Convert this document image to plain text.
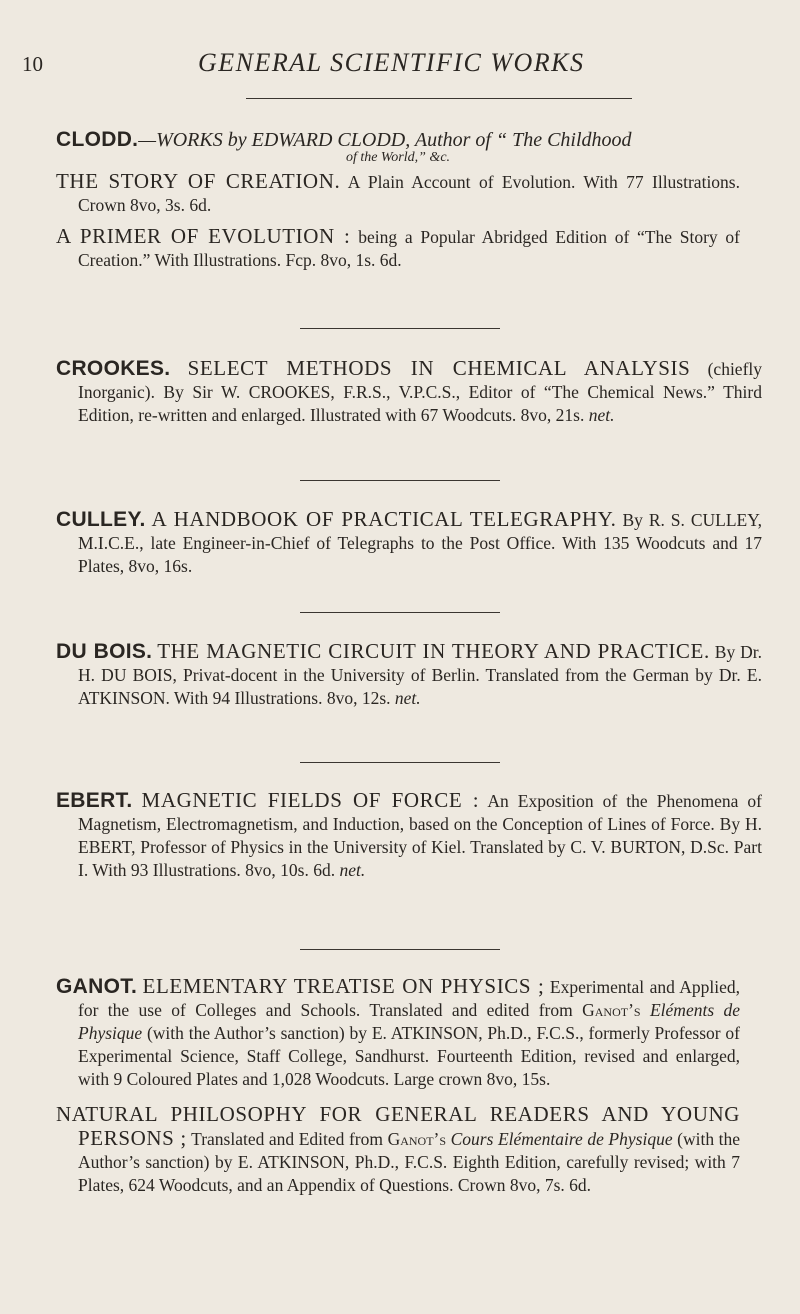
10	GENERAL SCIENTIFIC WORKS
CLODD.—WORKS by EDWARD CLODD, Author of “ The Childhood
of the World,” &c.
THE STORY OF CREATION. A Plain Account of Evolution. With 77 Illustrations. Crown 8vo, 3s. 6d.
A PRIMER OF EVOLUTION : being a Popular Abridged Edition of “The Story of Creation.” With Illustrations. Fcp. 8vo, 1s. 6d.
CROOKES. SELECT METHODS IN CHEMICAL ANALYSIS (chiefly Inorganic). By Sir W. CROOKES, F.R.S., V.P.C.S., Editor of “The Chemical News.” Third Edition, re-written and enlarged. Illustrated with 67 Woodcuts. 8vo, 21s. net.
CULLEY. A HANDBOOK OF PRACTICAL TELEGRAPHY. By R. S. CULLEY, M.I.C.E., late Engineer-in-Chief of Telegraphs to the Post Office. With 135 Woodcuts and 17 Plates, 8vo, 16s.
DU BOIS. THE MAGNETIC CIRCUIT IN THEORY AND PRACTICE. By Dr. H. DU BOIS, Privat-docent in the University of Berlin. Translated from the German by Dr. E. ATKINSON. With 94 Illustrations. 8vo, 12s. net.
EBERT. MAGNETIC FIELDS OF FORCE : An Exposition of the Phenomena of Magnetism, Electromagnetism, and Induction, based on the Conception of Lines of Force. By H. EBERT, Professor of Physics in the University of Kiel. Translated by C. V. BURTON, D.Sc. Part I. With 93 Illustrations. 8vo, 10s. 6d. net.
GANOT. ELEMENTARY TREATISE ON PHYSICS ; Experimental and Applied, for the use of Colleges and Schools. Translated and edited from Ganot’s Eléments de Physique (with the Author’s sanction) by E. ATKINSON, Ph.D., F.C.S., formerly Professor of Experimental Science, Staff College, Sandhurst. Fourteenth Edition, revised and enlarged, with 9 Coloured Plates and 1,028 Woodcuts. Large crown 8vo, 15s.
NATURAL PHILOSOPHY FOR GENERAL READERS AND YOUNG PERSONS ; Translated and Edited from Ganot’s Cours Elémentaire de Physique (with the Author’s sanction) by E. ATKINSON, Ph.D., F.C.S. Eighth Edition, carefully revised; with 7 Plates, 624 Woodcuts, and an Appendix of Questions. Crown 8vo, 7s. 6d.
